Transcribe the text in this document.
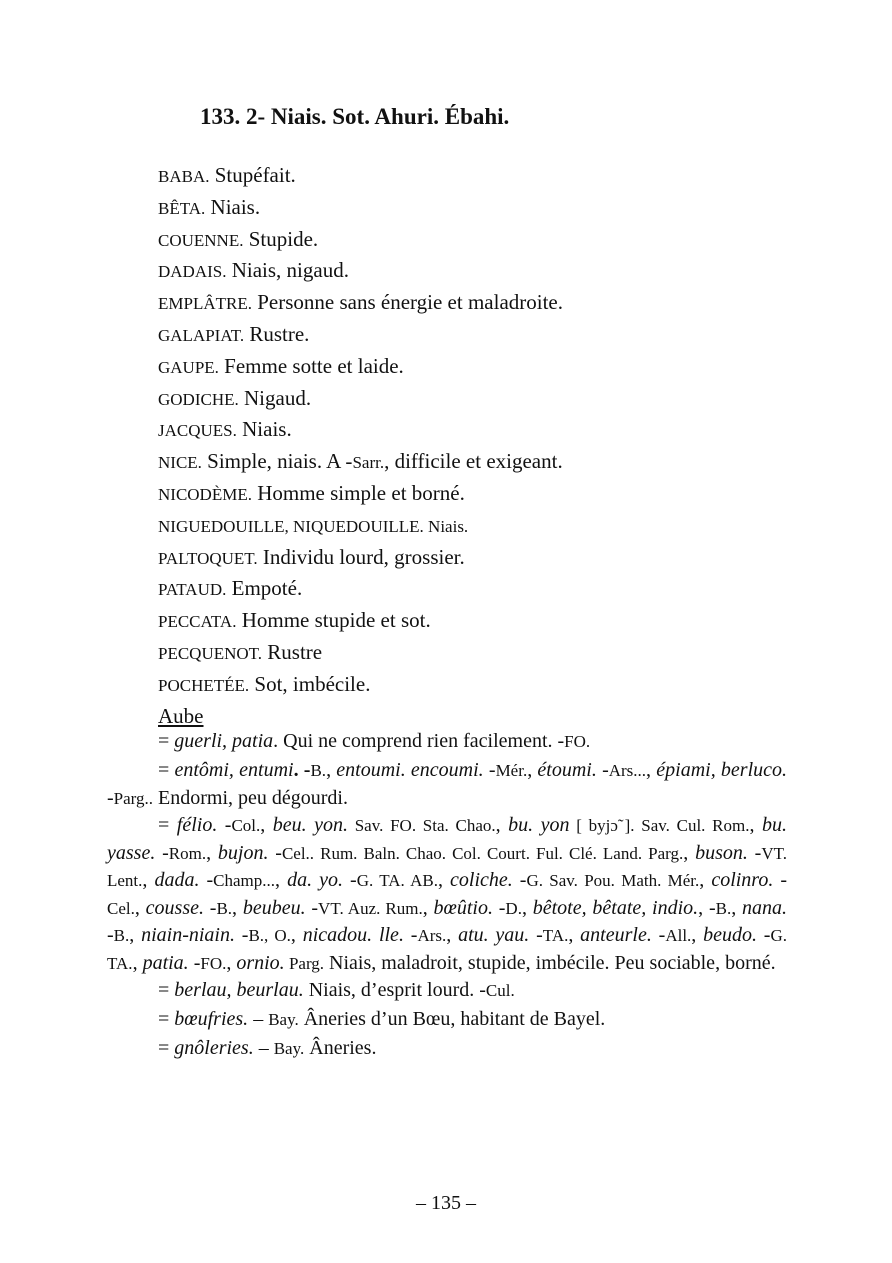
133. 2- Niais. Sot. Ahuri. Ébahi.
BABA. Stupéfait.
BÊTA. Niais.
COUENNE. Stupide.
DADAIS. Niais, nigaud.
EMPLÂTRE. Personne sans énergie et maladroite.
GALAPIAT. Rustre.
GAUPE. Femme sotte et laide.
GODICHE. Nigaud.
JACQUES. Niais.
NICE. Simple, niais. A -Sarr., difficile et exigeant.
NICODÈME. Homme simple et borné.
NIGUEDOUILLE, NIQUEDOUILLE. Niais.
PALTOQUET. Individu lourd, grossier.
PATAUD. Empoté.
PECCATA. Homme stupide et sot.
PECQUENOT. Rustre
POCHETÉE. Sot, imbécile.
Aube

= guerli, patia. Qui ne comprend rien facilement. -FO.

= entômi, entumi. -B., entoumi. encoumi. -Mér., étoumi. -Ars..., épiami, berluco. -Parg.. Endormi, peu dégourdi.

= félio. -Col., beu. yon. Sav. FO. Sta. Chao., bu. yon [ byjɔ̃ ]. Sav. Cul. Rom., bu. yasse. -Rom., bujon. -Cel.. Rum. Baln. Chao. Col. Court. Ful. Clé. Land. Parg., buson. -VT. Lent., dada. -Champ..., da. yo. -G. TA. AB., coliche. -G. Sav. Pou. Math. Mér., colinro. -Cel., cousse. -B., beubeu. -VT. Auz. Rum., bœûtio. -D., bêtote, bêtate, indio., -B., nana. -B., niain-niain. -B., O., nicadou. lle. -Ars., atu. yau. -TA., anteurle. -All., beudo. -G. TA., patia. -FO., ornio. Parg. Niais, maladroit, stupide, imbécile. Peu sociable, borné.

= berlau, beurlau. Niais, d’esprit lourd. -Cul.

= bœufries. – Bay. Âneries d’un Bœu, habitant de Bayel.

= gnôleries. – Bay. Âneries.

– 135 –
